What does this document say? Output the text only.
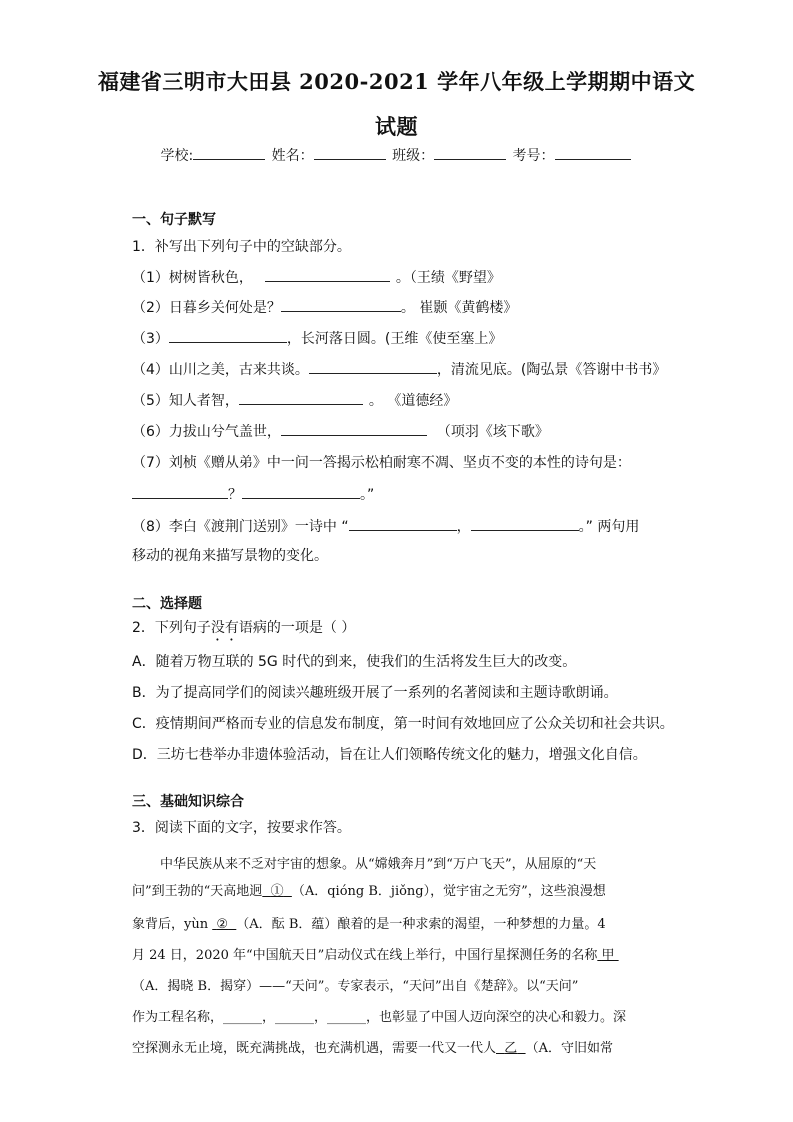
福建省三明市大田县 2020-2021 学年八年级上学期期中语文
试题
学校:	姓名：	班级：	考号：
一、句子默写
1．补写出下列句子中的空缺部分。
（1）树树皆秋色，	。（王绩《野望》
（2）日暮乡关何处是？	。 崔颢《黄鹤楼》
（3）	，长河落日圆。(王维《使至塞上》
（4）山川之美，古来共谈。	，清流见底。(陶弘景《答谢中书书》
（5）知人者智，	。 《道德经》
（6）力拔山兮气盖世，	（项羽《垓下歌》
（7）刘桢《赠从弟》中一问一答揭示松柏耐寒不凋、坚贞不变的本性的诗句是：
？	。”
（8）李白《渡荆门送别》一诗中 “	，	。” 两句用
移动的视角来描写景物的变化。
二、选择题
2．下列句子没有语病的一项是（ ）
A．随着万物互联的 5G 时代的到来，使我们的生活将发生巨大的改变。
B．为了提高同学们的阅读兴趣班级开展了一系列的名著阅读和主题诗歌朗诵。
C．疫情期间严格而专业的信息发布制度，第一时间有效地回应了公众关切和社会共识。
D．三坊七巷举办非遗体验活动，旨在让人们领略传统文化的魅力，增强文化自信。
三、基础知识综合
3．阅读下面的文字，按要求作答。
中华民族从来不乏对宇宙的想象。从“嫦娥奔月”到“万户飞天”，从屈原的“天
问”到王勃的“天高地迥 ① （A．qióng B．jiǒng），觉宇宙之无穷”，这些浪漫想
象背后，yùn  ② （A．酝 B．蕴）酿着的是一种求索的渴望，一种梦想的力量。4
月 24 日，2020 年“中国航天日”启动仪式在线上举行，中国行星探测任务的名称 甲
（A．揭晓 B．揭穿）——“天问”。专家表示，“天问”出自《楚辞》。以“天问”
作为工程名称，______，______，______，也彰显了中国人迈向深空的决心和毅力。深
空探测永无止境，既充满挑战，也充满机遇，需要一代又一代人 乙 （A．守旧如常
